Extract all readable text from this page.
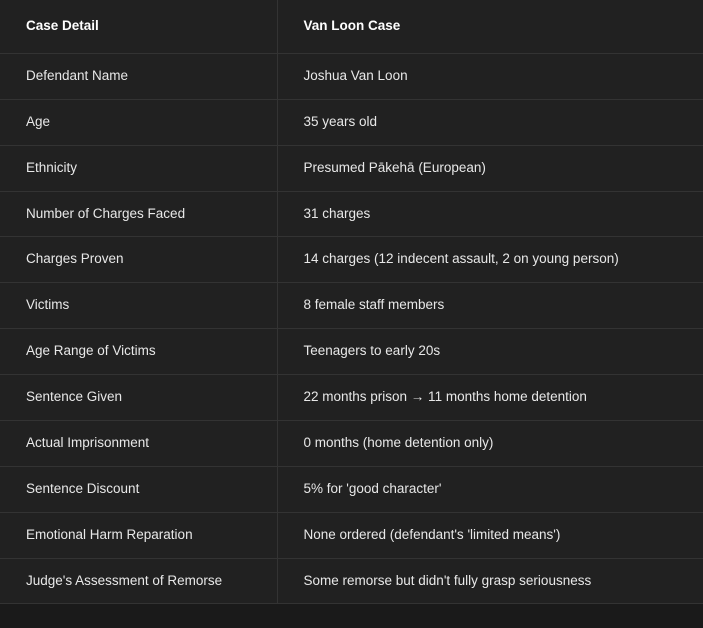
Case Detail	Van Loon Case
Defendant Name	Joshua Van Loon
Age	35 years old
Ethnicity	Presumed Pākehā (European)
Number of Charges Faced	31 charges
Charges Proven	14 charges (12 indecent assault, 2 on young person)
Victims	8 female staff members
Age Range of Victims	Teenagers to early 20s
Sentence Given	22 months prison → 11 months home detention
Actual Imprisonment	0 months (home detention only)
Sentence Discount	5% for 'good character'
Emotional Harm Reparation	None ordered (defendant's 'limited means')
Judge's Assessment of Remorse	Some remorse but didn't fully grasp seriousness
